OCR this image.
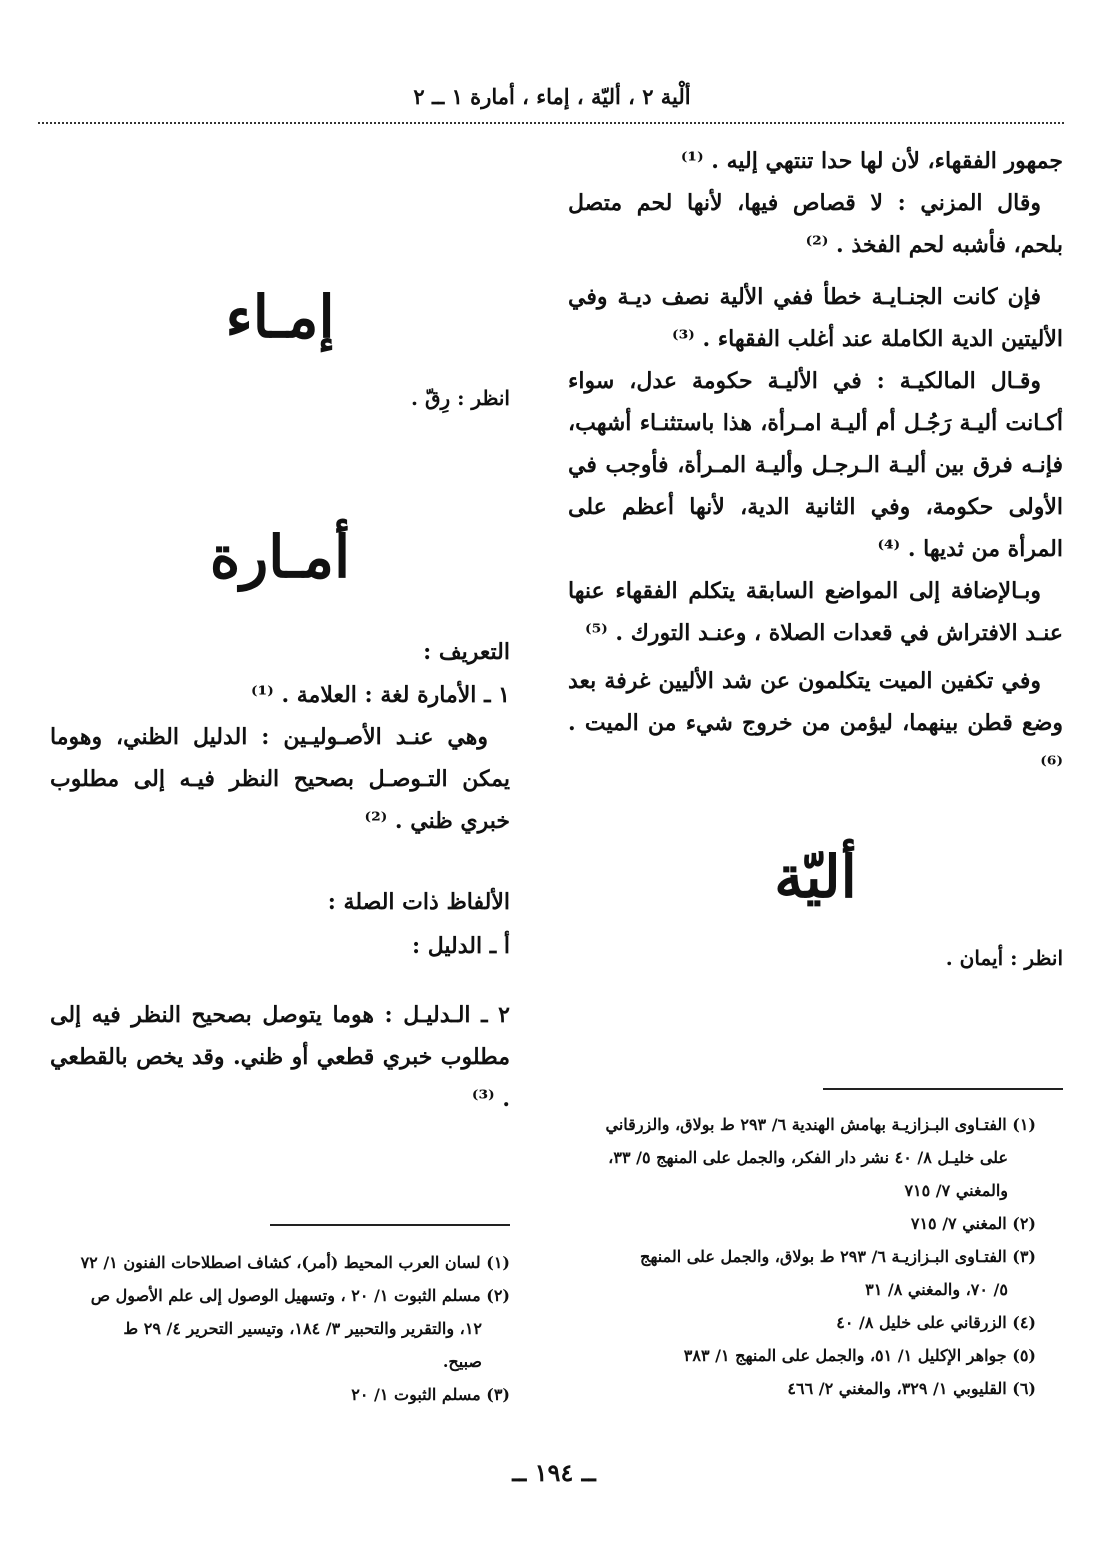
ألْية ٢ ، أليّة ، إماء ، أمارة ١ ــ ٢

جمهور الفقهاء، لأن لها حدا تنتهي إليه . ⁽¹⁾

وقال المزني : لا قصاص فيها، لأنها لحم متصل بلحم، فأشبه لحم الفخذ . ⁽²⁾

فإن كانت الجنـايـة خطأ ففي الألية نصف ديـة وفي الأليتين الدية الكاملة عند أغلب الفقهاء . ⁽³⁾

وقـال المالكيـة : في الأليـة حكومة عدل، سواء أكـانت أليـة رَجُـل أم أليـة امـرأة، هذا باستثنـاء أشهب، فإنـه فرق بين أليـة الـرجـل وأليـة المـرأة، فأوجب في الأولى حكومة، وفي الثانية الدية، لأنها أعظم على المرأة من ثديها . ⁽⁴⁾

وبـالإضافة إلى المواضع السابقة يتكلم الفقهاء عنها عنـد الافتراش في قعدات الصلاة ، وعنـد التورك . ⁽⁵⁾

وفي تكفين الميت يتكلمون عن شد الأليين غرفة بعد وضع قطن بينهما، ليؤمن من خروج شيء من الميت . ⁽⁶⁾

أليّة

انظر : أيمان .

(١) الفتـاوى البـزازيـة بهامش الهندية ٦/ ٢٩٣ ط بولاق، والزرقاني
على خليـل ٨/ ٤٠ نشر دار الفكر، والجمل على المنهج ٥/ ٣٣،
والمغني ٧/ ٧١٥

(٢) المغني ٧/ ٧١٥

(٣) الفتـاوى البـزازيـة ٦/ ٢٩٣ ط بولاق، والجمل على المنهج
٥/ ٧٠، والمغني ٨/ ٣١

(٤) الزرقاني على خليل ٨/ ٤٠

(٥) جواهر الإكليل ١/ ٥١، والجمل على المنهج ١/ ٣٨٣

(٦) القليوبي ١/ ٣٢٩، والمغني ٢/ ٤٦٦

إمـاء

انظر : رِقّ .

أمـارة

التعريف :

١ ـ الأمارة لغة : العلامة . ⁽¹⁾

وهي عنـد الأصـوليـين : الدليل الظني، وهوما يمكن التـوصـل بصحيح النظر فيـه إلى مطلوب خبري ظني . ⁽²⁾

الألفاظ ذات الصلة :

أ ـ الدليل :

٢ ـ الـدليـل : هوما يتوصل بصحيح النظر فيه إلى مطلوب خبري قطعي أو ظني. وقد يخص بالقطعي . ⁽³⁾

(١) لسان العرب المحيط (أمر)، كشاف اصطلاحات الفنون ١/ ٧٢

(٢) مسلم الثبوت ١/ ٢٠ ، وتسهيل الوصول إلى علم الأصول ص
١٢، والتقرير والتحبير ٣/ ١٨٤، وتيسير التحرير ٤/ ٢٩ ط
صبيح.

(٣) مسلم الثبوت ١/ ٢٠

ــ ١٩٤ ــ
